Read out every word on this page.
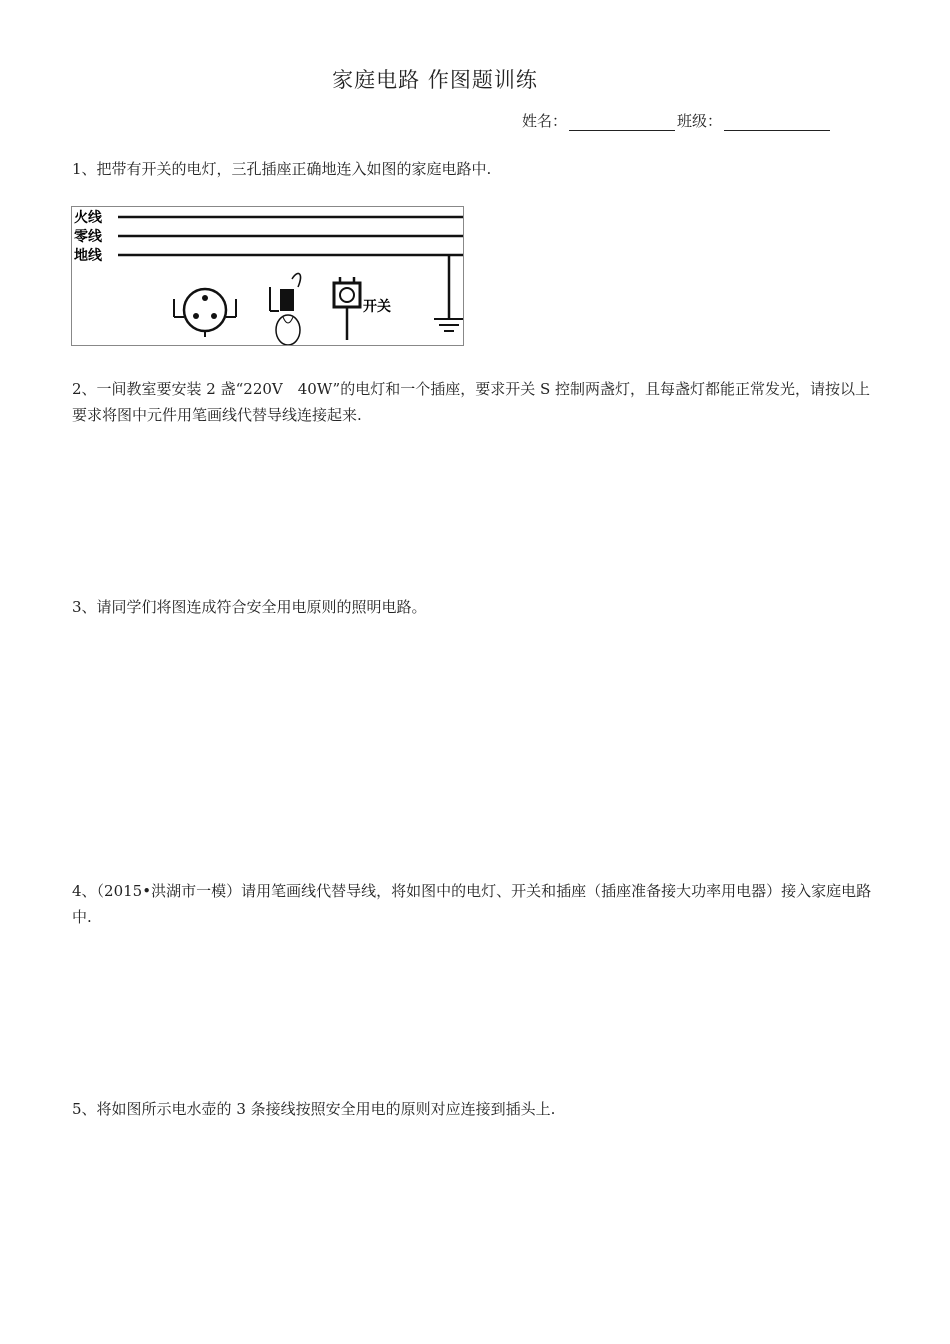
家庭电路 作图题训练
姓名：	班级：
1、把带有开关的电灯，三孔插座正确地连入如图的家庭电路中.
火线
零线
地线
开关
2、一间教室要安装 2 盏“220V　40W”的电灯和一个插座，要求开关 S 控制两盏灯，且每盏灯都能正常发光，请按以上要求将图中元件用笔画线代替导线连接起来.
3、请同学们将图连成符合安全用电原则的照明电路。
4、（2015•洪湖市一模）请用笔画线代替导线，将如图中的电灯、开关和插座（插座准备接大功率用电器）接入家庭电路中.
5、将如图所示电水壶的 3 条接线按照安全用电的原则对应连接到插头上.
